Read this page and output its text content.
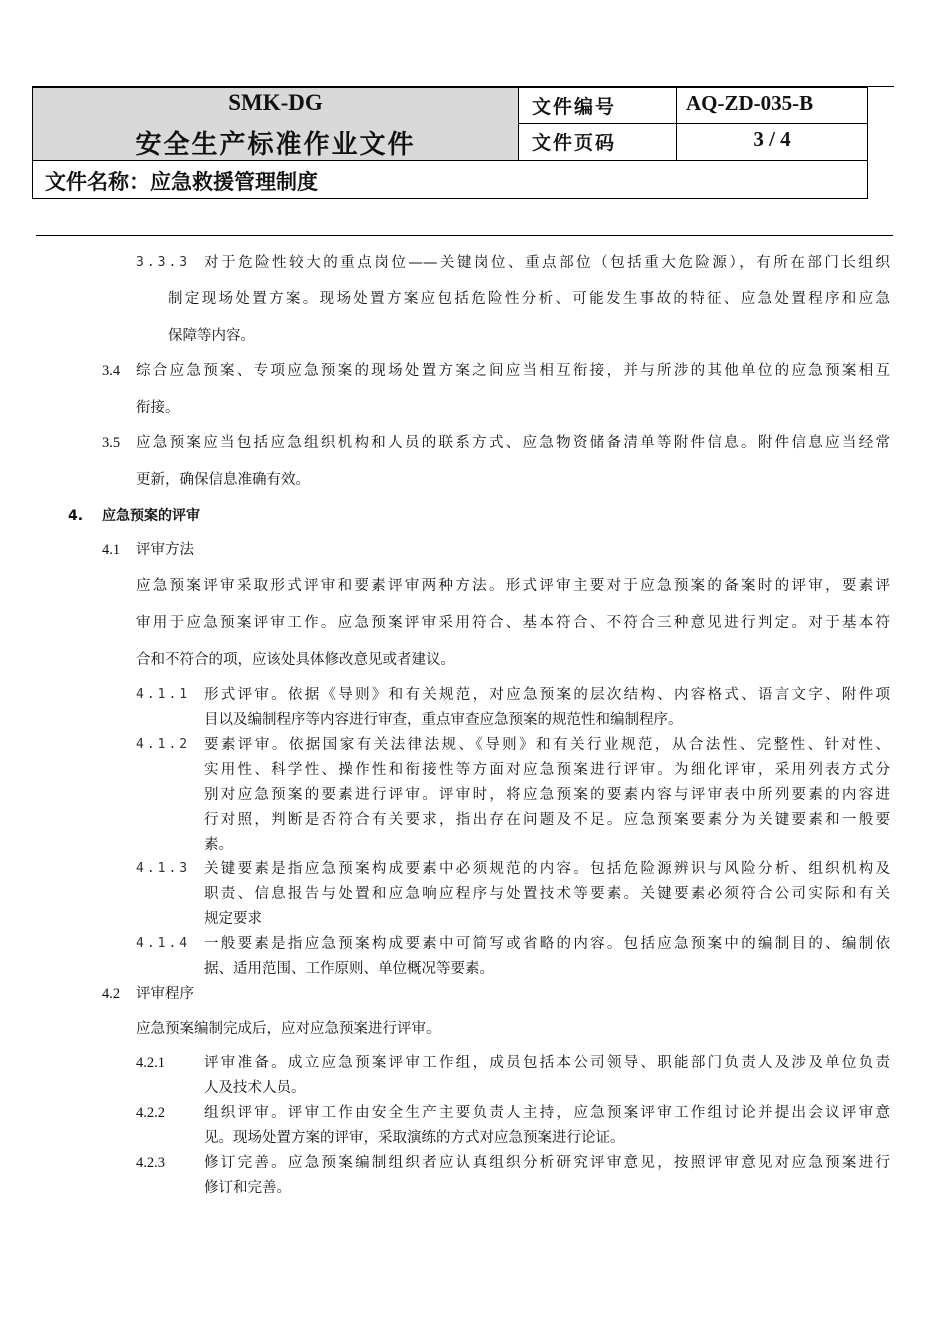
SMK-DG
安全生产标准作业文件
文件编号	AQ-ZD-035-B
文件页码	3 / 4
文件名称：应急救援管理制度
3.3.3 对于危险性较大的重点岗位——关键岗位、重点部位（包括重大危险源），有所在部门长组织
制定现场处置方案。现场处置方案应包括危险性分析、可能发生事故的特征、应急处置程序和应急
保障等内容。
3.4 综合应急预案、专项应急预案的现场处置方案之间应当相互衔接，并与所涉的其他单位的应急预案相互
衔接。
3.5 应急预案应当包括应急组织机构和人员的联系方式、应急物资储备清单等附件信息。附件信息应当经常
更新，确保信息准确有效。
4. 应急预案的评审
4.1 评审方法
应急预案评审采取形式评审和要素评审两种方法。形式评审主要对于应急预案的备案时的评审，要素评
审用于应急预案评审工作。应急预案评审采用符合、基本符合、不符合三种意见进行判定。对于基本符
合和不符合的项，应该处具体修改意见或者建议。
4.1.1 形式评审。依据《导则》和有关规范，对应急预案的层次结构、内容格式、语言文字、附件项
目以及编制程序等内容进行审查，重点审查应急预案的规范性和编制程序。
4.1.2 要素评审。依据国家有关法律法规、《导则》和有关行业规范，从合法性、完整性、针对性、
实用性、科学性、操作性和衔接性等方面对应急预案进行评审。为细化评审，采用列表方式分
别对应急预案的要素进行评审。评审时，将应急预案的要素内容与评审表中所列要素的内容进
行对照，判断是否符合有关要求，指出存在问题及不足。应急预案要素分为关键要素和一般要
素。
4.1.3 关键要素是指应急预案构成要素中必须规范的内容。包括危险源辨识与风险分析、组织机构及
职责、信息报告与处置和应急响应程序与处置技术等要素。关键要素必须符合公司实际和有关
规定要求
4.1.4 一般要素是指应急预案构成要素中可简写或省略的内容。包括应急预案中的编制目的、编制依
据、适用范围、工作原则、单位概况等要素。
4.2 评审程序
应急预案编制完成后，应对应急预案进行评审。
4.2.1	评审准备。成立应急预案评审工作组，成员包括本公司领导、职能部门负责人及涉及单位负责
人及技术人员。
4.2.2	组织评审。评审工作由安全生产主要负责人主持，应急预案评审工作组讨论并提出会议评审意
见。现场处置方案的评审，采取演练的方式对应急预案进行论证。
4.2.3	修订完善。应急预案编制组织者应认真组织分析研究评审意见，按照评审意见对应急预案进行
修订和完善。
